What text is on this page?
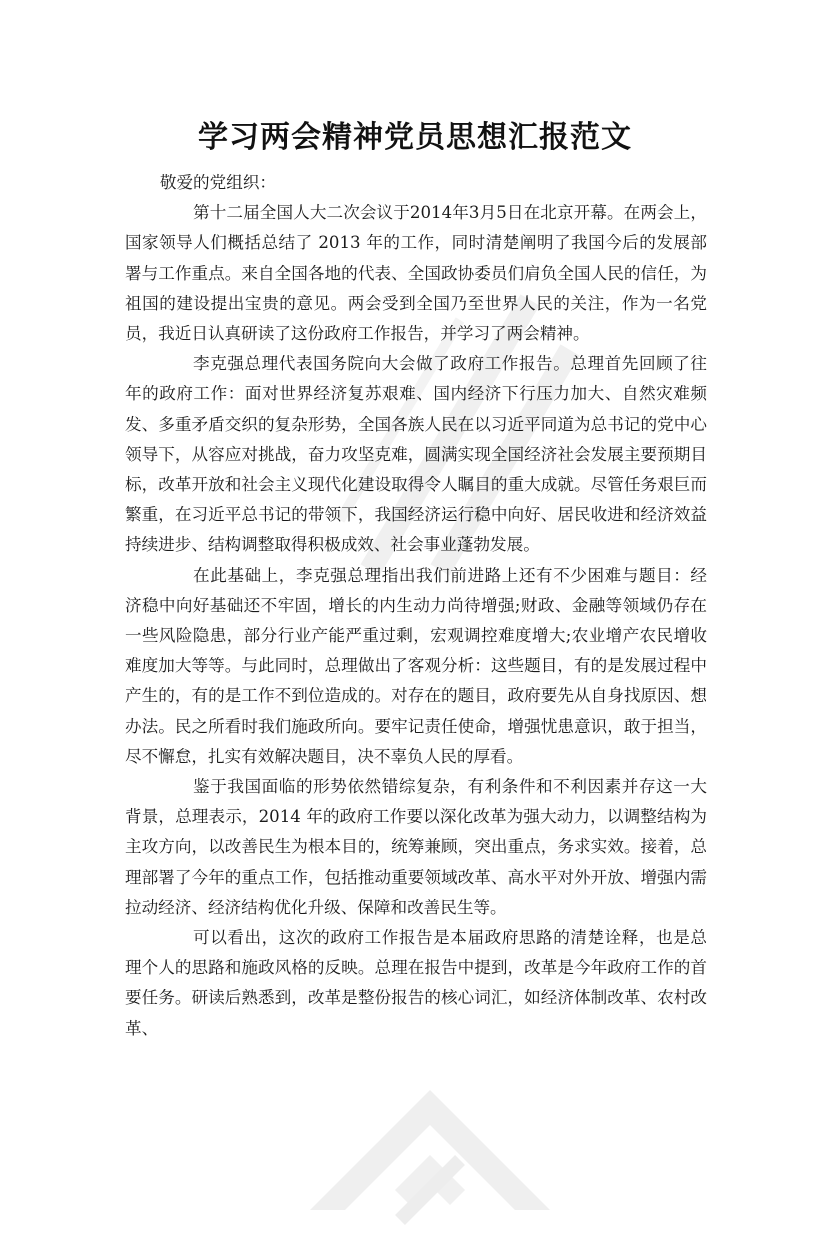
学习两会精神党员思想汇报范文

敬爱的党组织：

第十二届全国人大二次会议于2014年3月5日在北京开幕。在两会上，国家领导人们概括总结了 2013 年的工作，同时清楚阐明了我国今后的发展部署与工作重点。来自全国各地的代表、全国政协委员们肩负全国人民的信任，为祖国的建设提出宝贵的意见。两会受到全国乃至世界人民的关注，作为一名党员，我近日认真研读了这份政府工作报告，并学习了两会精神。

李克强总理代表国务院向大会做了政府工作报告。总理首先回顾了往年的政府工作：面对世界经济复苏艰难、国内经济下行压力加大、自然灾难频发、多重矛盾交织的复杂形势，全国各族人民在以习近平同道为总书记的党中心领导下，从容应对挑战，奋力攻坚克难，圆满实现全国经济社会发展主要预期目标，改革开放和社会主义现代化建设取得令人瞩目的重大成就。尽管任务艰巨而繁重，在习近平总书记的带领下，我国经济运行稳中向好、居民收进和经济效益持续进步、结构调整取得积极成效、社会事业蓬勃发展。

在此基础上，李克强总理指出我们前进路上还有不少困难与题目：经济稳中向好基础还不牢固，增长的内生动力尚待增强;财政、金融等领域仍存在一些风险隐患，部分行业产能严重过剩，宏观调控难度增大;农业增产农民增收难度加大等等。与此同时，总理做出了客观分析：这些题目，有的是发展过程中产生的，有的是工作不到位造成的。对存在的题目，政府要先从自身找原因、想办法。民之所看时我们施政所向。要牢记责任使命，增强忧患意识，敢于担当，尽不懈怠，扎实有效解决题目，决不辜负人民的厚看。

鉴于我国面临的形势依然错综复杂，有利条件和不利因素并存这一大背景，总理表示，2014 年的政府工作要以深化改革为强大动力，以调整结构为主攻方向，以改善民生为根本目的，统筹兼顾，突出重点，务求实效。接着，总理部署了今年的重点工作，包括推动重要领域改革、高水平对外开放、增强内需拉动经济、经济结构优化升级、保障和改善民生等。

可以看出，这次的政府工作报告是本届政府思路的清楚诠释，也是总理个人的思路和施政风格的反映。总理在报告中提到，改革是今年政府工作的首要任务。研读后熟悉到，改革是整份报告的核心词汇，如经济体制改革、农村改革、
